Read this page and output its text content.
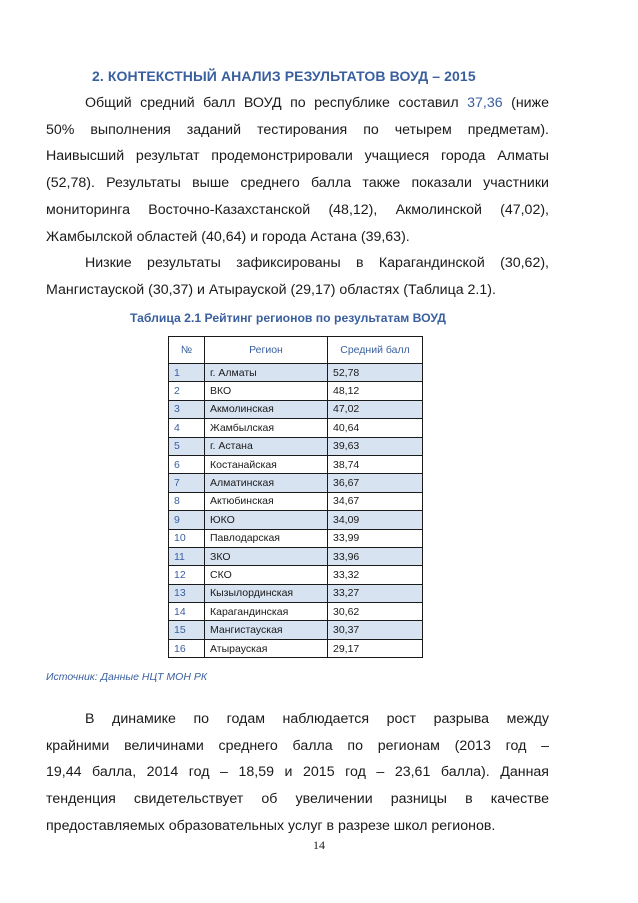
2. КОНТЕКСТНЫЙ АНАЛИЗ РЕЗУЛЬТАТОВ ВОУД – 2015
Общий средний балл ВОУД по республике составил 37,36 (ниже
50% выполнения заданий тестирования по четырем предметам).
Наивысший результат продемонстрировали учащиеся города Алматы
(52,78). Результаты выше среднего балла также показали участники
мониторинга Восточно-Казахстанской (48,12), Акмолинской (47,02),
Жамбылской областей (40,64) и города Астана (39,63).
Низкие результаты зафиксированы в Карагандинской (30,62),
Мангистауской (30,37) и Атырауской (29,17) областях (Таблица 2.1).
Таблица 2.1 Рейтинг регионов по результатам ВОУД
№	Регион	Средний балл
1	г. Алматы	52,78
2	ВКО	48,12
3	Акмолинская	47,02
4	Жамбылская	40,64
5	г. Астана	39,63
6	Костанайская	38,74
7	Алматинская	36,67
8	Актюбинская	34,67
9	ЮКО	34,09
10	Павлодарская	33,99
11	ЗКО	33,96
12	СКО	33,32
13	Кызылординская	33,27
14	Карагандинская	30,62
15	Мангистауская	30,37
16	Атырауская	29,17
Источник: Данные НЦТ МОН РК
В динамике по годам наблюдается рост разрыва между
крайними величинами среднего балла по регионам (2013 год –
19,44 балла, 2014 год – 18,59 и 2015 год – 23,61 балла). Данная
тенденция свидетельствует об увеличении разницы в качестве
предоставляемых образовательных услуг в разрезе школ регионов.
14
